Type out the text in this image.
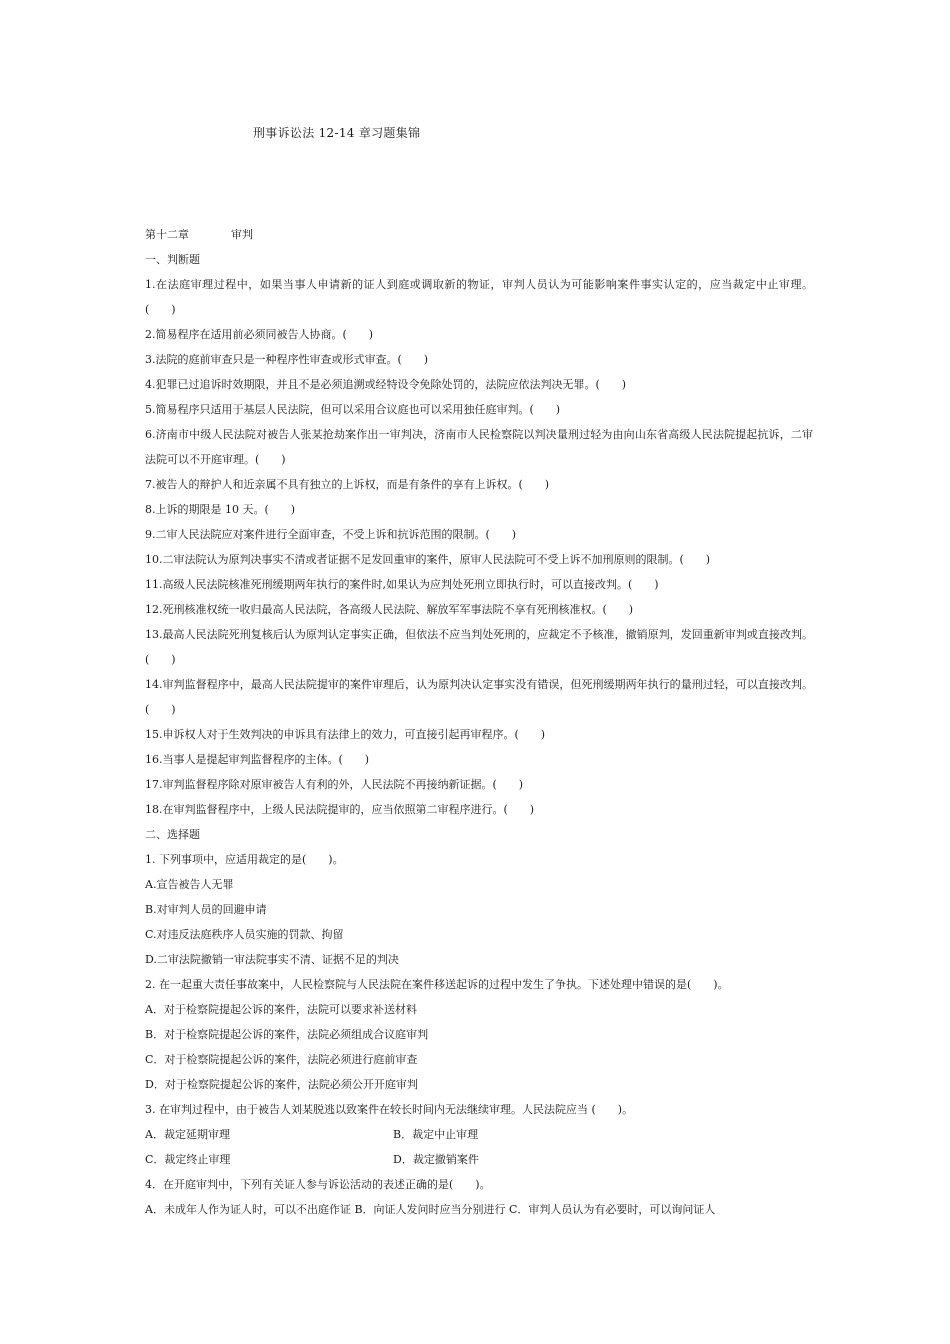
刑事诉讼法 12-14 章习题集锦
第十二章	审判
一、判断题
1.在法庭审理过程中，如果当事人申请新的证人到庭或调取新的物证，审判人员认为可能影响案件事实认定的，应当裁定中止审理。(　　)
2.简易程序在适用前必须同被告人协商。(　　)
3.法院的庭前审查只是一种程序性审查或形式审查。(　　)
4.犯罪已过追诉时效期限，并且不是必须追溯或经特设令免除处罚的，法院应依法判决无罪。(　　)
5.简易程序只适用于基层人民法院，但可以采用合议庭也可以采用独任庭审判。(　　)
6.济南市中级人民法院对被告人张某抢劫案作出一审判决，济南市人民检察院以判决量刑过轻为由向山东省高级人民法院提起抗诉，二审法院可以不开庭审理。(　　)
7.被告人的辩护人和近亲属不具有独立的上诉权，而是有条件的享有上诉权。(　　)
8.上诉的期限是 10 天。(　　)
9.二审人民法院应对案件进行全面审查，不受上诉和抗诉范围的限制。(　　)
10.二审法院认为原判决事实不清或者证据不足发回重审的案件，原审人民法院可不受上诉不加刑原则的限制。(　　)
11.高级人民法院核准死刑缓期两年执行的案件时,如果认为应判处死刑立即执行时，可以直接改判。(　　)
12.死刑核准权统一收归最高人民法院，各高级人民法院、解放军军事法院不享有死刑核准权。(　　)
13.最高人民法院死刑复核后认为原判认定事实正确，但依法不应当判处死刑的，应裁定不予核准，撤销原判，发回重新审判或直接改判。(　　)
14.审判监督程序中，最高人民法院提审的案件审理后，认为原判决认定事实没有错误，但死刑缓期两年执行的量刑过轻，可以直接改判。(　　)
15.申诉权人对于生效判决的申诉具有法律上的效力，可直接引起再审程序。(　　)
16.当事人是提起审判监督程序的主体。(　　)
17.审判监督程序除对原审被告人有利的外，人民法院不再接纳新证据。(　　)
18.在审判监督程序中，上级人民法院提审的，应当依照第二审程序进行。(　　)
二、选择题
1. 下列事项中，应适用裁定的是(　　)。
A.宣告被告人无罪
B.对审判人员的回避申请
C.对违反法庭秩序人员实施的罚款、拘留
D.二审法院撤销一审法院事实不清、证据不足的判决
2. 在一起重大责任事故案中，人民检察院与人民法院在案件移送起诉的过程中发生了争执。下述处理中错误的是(　　)。
A．对于检察院提起公诉的案件，法院可以要求补送材料
B．对于检察院提起公诉的案件，法院必须组成合议庭审判
C．对于检察院提起公诉的案件，法院必须进行庭前审查
D．对于检察院提起公诉的案件，法院必须公开开庭审判
3. 在审判过程中，由于被告人刘某脱逃以致案件在较长时间内无法继续审理。人民法院应当 (　　)。
A．裁定延期审理	B．裁定中止审理
C．裁定终止审理	D．裁定撤销案件
4．在开庭审判中，下列有关证人参与诉讼活动的表述正确的是(　　)。
A．未成年人作为证人时，可以不出庭作证 B．向证人发问时应当分别进行 C．审判人员认为有必要时，可以询问证人
